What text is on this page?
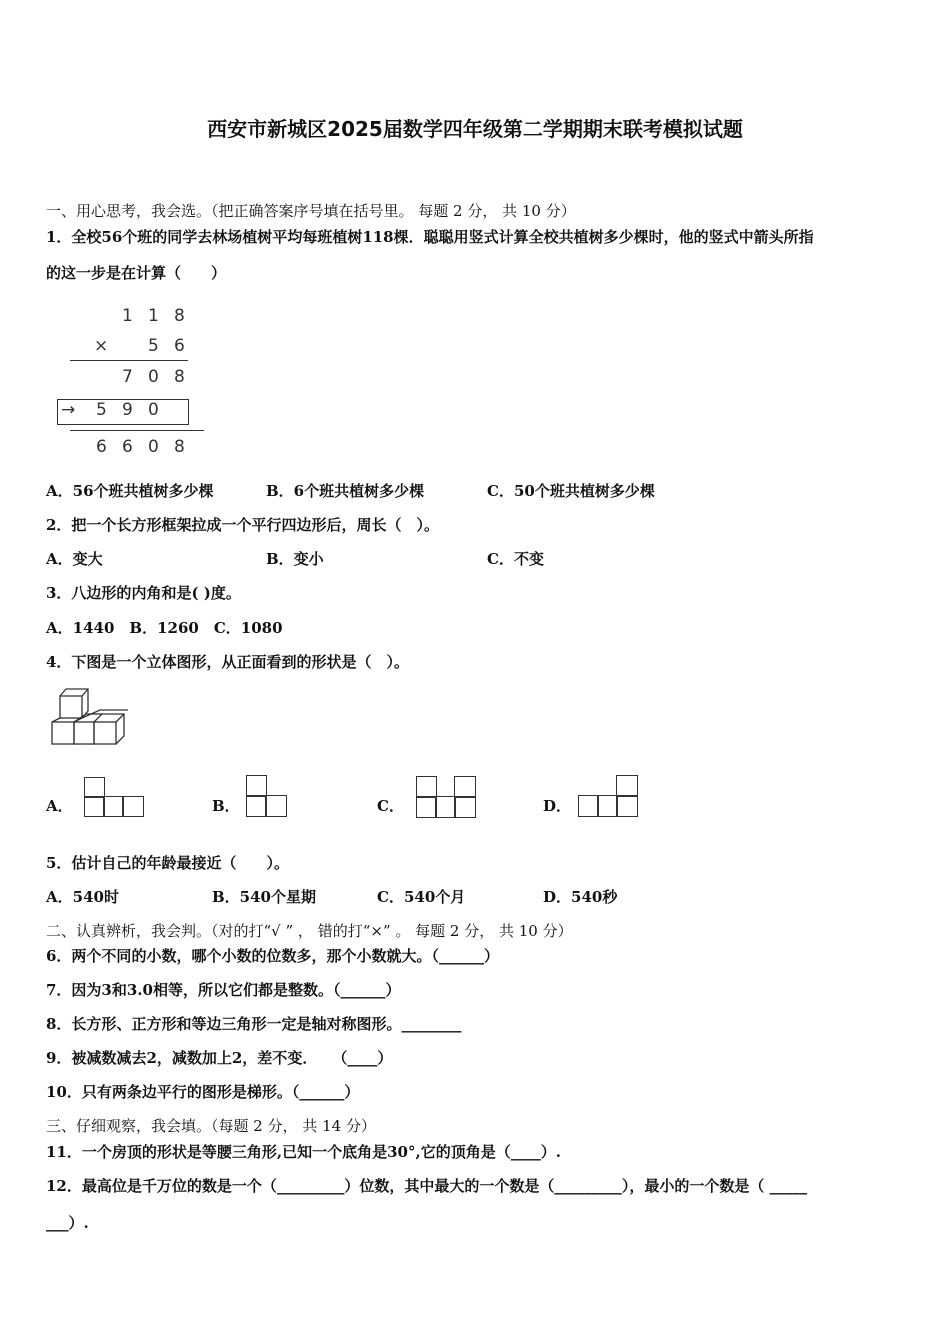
西安市新城区2025届数学四年级第二学期期末联考模拟试题
一、用心思考，我会选。（把正确答案序号填在括号里。 每题 2 分， 共 10 分）
1．全校56个班的同学去林场植树平均每班植树118棵．聪聪用竖式计算全校共植树多少棵时，他的竖式中箭头所指
的这一步是在计算（　　）
1 1 8
× 5 6
7 0 8
→ 5 9 0
6 6 0 8
A．56个班共植树多少棵	B．6个班共植树多少棵	C．50个班共植树多少棵
2．把一个长方形框架拉成一个平行四边形后，周长（　）。
A．变大	B．变小	C．不变
3．八边形的内角和是( )度。
A．1440　B．1260　C．1080
4．下图是一个立体图形，从正面看到的形状是（　）。
A．	B．	C．	D．
5．估计自己的年龄最接近（　　）。
A．540时	B．540个星期	C．540个月	D．540秒
二、认真辨析，我会判。（对的打“√ ” ， 错的打“×” 。 每题 2 分， 共 10 分）
6．两个不同的小数，哪个小数的位数多，那个小数就大。（______）
7．因为3和3.0相等，所以它们都是整数。（______）
8．长方形、正方形和等边三角形一定是轴对称图形。________
9．被减数减去2，减数加上2，差不变．　　（____）
10．只有两条边平行的图形是梯形。（______）
三、仔细观察，我会填。（每题 2 分， 共 14 分）
11．一个房顶的形状是等腰三角形,已知一个底角是30°,它的顶角是（____）.
12．最高位是千万位的数是一个（_________）位数，其中最大的一个数是（_________），最小的一个数是（ _____
___）.
